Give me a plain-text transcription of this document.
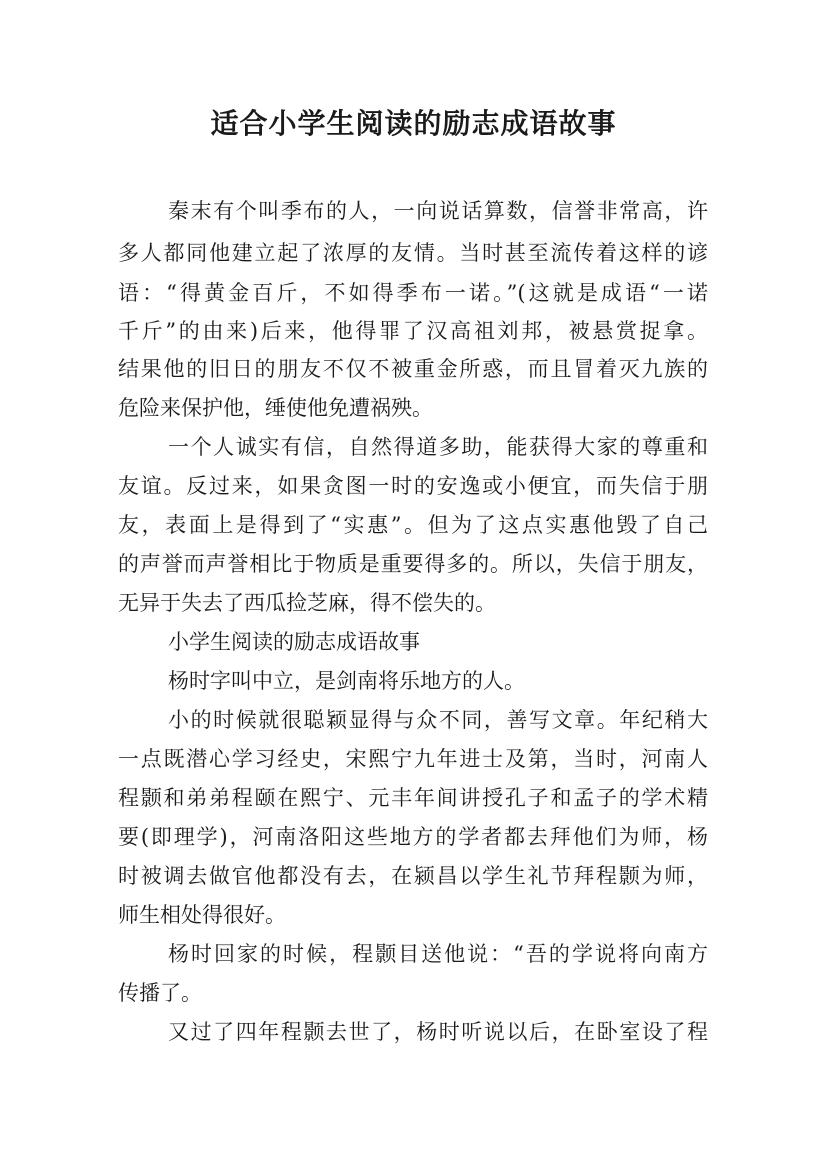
适合小学生阅读的励志成语故事
秦末有个叫季布的人，一向说话算数，信誉非常高，许
多人都同他建立起了浓厚的友情。当时甚至流传着这样的谚
语：“得黄金百斤，不如得季布一诺。”(这就是成语“一诺
千斤”的由来)后来，他得罪了汉高祖刘邦，被悬赏捉拿。
结果他的旧日的朋友不仅不被重金所惑，而且冒着灭九族的
危险来保护他，缍使他免遭祸殃。
一个人诚实有信，自然得道多助，能获得大家的尊重和
友谊。反过来，如果贪图一时的安逸或小便宜，而失信于朋
友，表面上是得到了“实惠”。但为了这点实惠他毁了自己
的声誉而声誉相比于物质是重要得多的。所以，失信于朋友，
无异于失去了西瓜捡芝麻，得不偿失的。
小学生阅读的励志成语故事
杨时字叫中立，是剑南将乐地方的人。
小的时候就很聪颖显得与众不同，善写文章。年纪稍大
一点既潜心学习经史，宋熙宁九年进士及第，当时，河南人
程颢和弟弟程颐在熙宁、元丰年间讲授孔子和孟子的学术精
要(即理学)，河南洛阳这些地方的学者都去拜他们为师，杨
时被调去做官他都没有去，在颍昌以学生礼节拜程颢为师，
师生相处得很好。
杨时回家的时候，程颢目送他说：“吾的学说将向南方
传播了。
又过了四年程颢去世了，杨时听说以后，在卧室设了程
